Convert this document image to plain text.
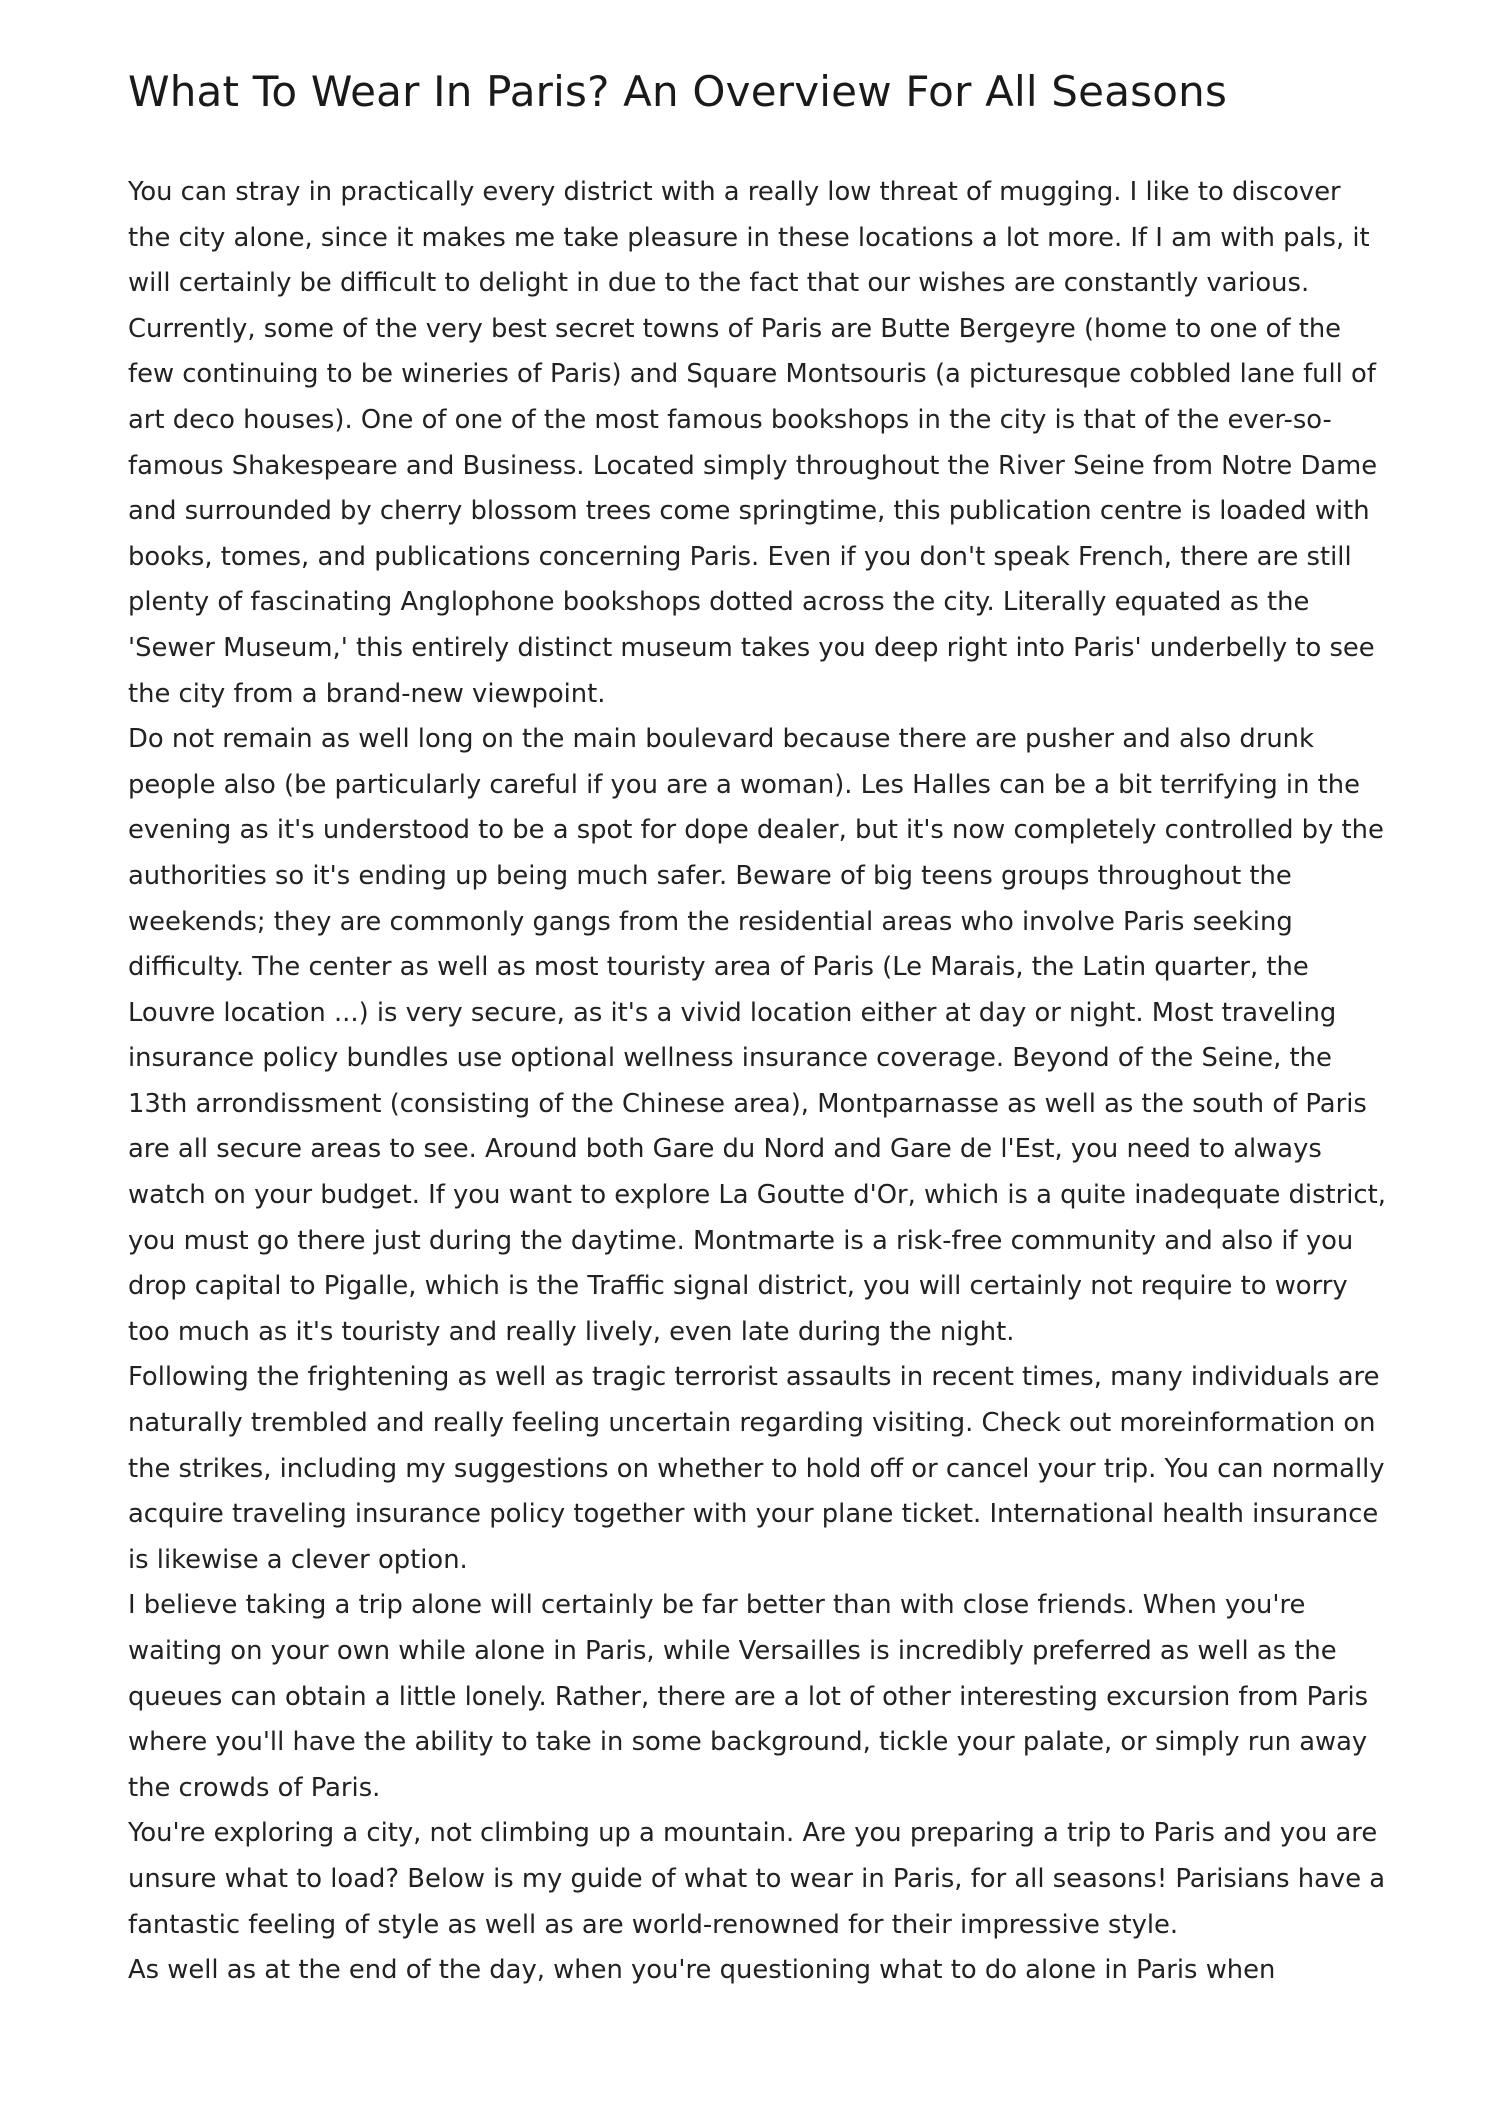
What To Wear In Paris? An Overview For All Seasons

You can stray in practically every district with a really low threat of mugging. I like to discover the city alone, since it makes me take pleasure in these locations a lot more. If I am with pals, it will certainly be difficult to delight in due to the fact that our wishes are constantly various. Currently, some of the very best secret towns of Paris are Butte Bergeyre (home to one of the few continuing to be wineries of Paris) and Square Montsouris (a picturesque cobbled lane full of art deco houses). One of one of the most famous bookshops in the city is that of the ever-so-famous Shakespeare and Business. Located simply throughout the River Seine from Notre Dame and surrounded by cherry blossom trees come springtime, this publication centre is loaded with books, tomes, and publications concerning Paris. Even if you don't speak French, there are still plenty of fascinating Anglophone bookshops dotted across the city. Literally equated as the 'Sewer Museum,' this entirely distinct museum takes you deep right into Paris' underbelly to see the city from a brand-new viewpoint.

Do not remain as well long on the main boulevard because there are pusher and also drunk people also (be particularly careful if you are a woman). Les Halles can be a bit terrifying in the evening as it's understood to be a spot for dope dealer, but it's now completely controlled by the authorities so it's ending up being much safer. Beware of big teens groups throughout the weekends; they are commonly gangs from the residential areas who involve Paris seeking difficulty. The center as well as most touristy area of Paris (Le Marais, the Latin quarter, the Louvre location ...) is very secure, as it's a vivid location either at day or night. Most traveling insurance policy bundles use optional wellness insurance coverage. Beyond of the Seine, the 13th arrondissment (consisting of the Chinese area), Montparnasse as well as the south of Paris are all secure areas to see. Around both Gare du Nord and Gare de l'Est, you need to always watch on your budget. If you want to explore La Goutte d'Or, which is a quite inadequate district, you must go there just during the daytime. Montmarte is a risk-free community and also if you drop capital to Pigalle, which is the Traffic signal district, you will certainly not require to worry too much as it's touristy and really lively, even late during the night.

Following the frightening as well as tragic terrorist assaults in recent times, many individuals are naturally trembled and really feeling uncertain regarding visiting. Check out moreinformation on the strikes, including my suggestions on whether to hold off or cancel your trip. You can normally acquire traveling insurance policy together with your plane ticket. International health insurance is likewise a clever option.

I believe taking a trip alone will certainly be far better than with close friends. When you're waiting on your own while alone in Paris, while Versailles is incredibly preferred as well as the queues can obtain a little lonely. Rather, there are a lot of other interesting excursion from Paris where you'll have the ability to take in some background, tickle your palate, or simply run away the crowds of Paris.

You're exploring a city, not climbing up a mountain. Are you preparing a trip to Paris and you are unsure what to load? Below is my guide of what to wear in Paris, for all seasons! Parisians have a fantastic feeling of style as well as are world-renowned for their impressive style.

As well as at the end of the day, when you're questioning what to do alone in Paris when
